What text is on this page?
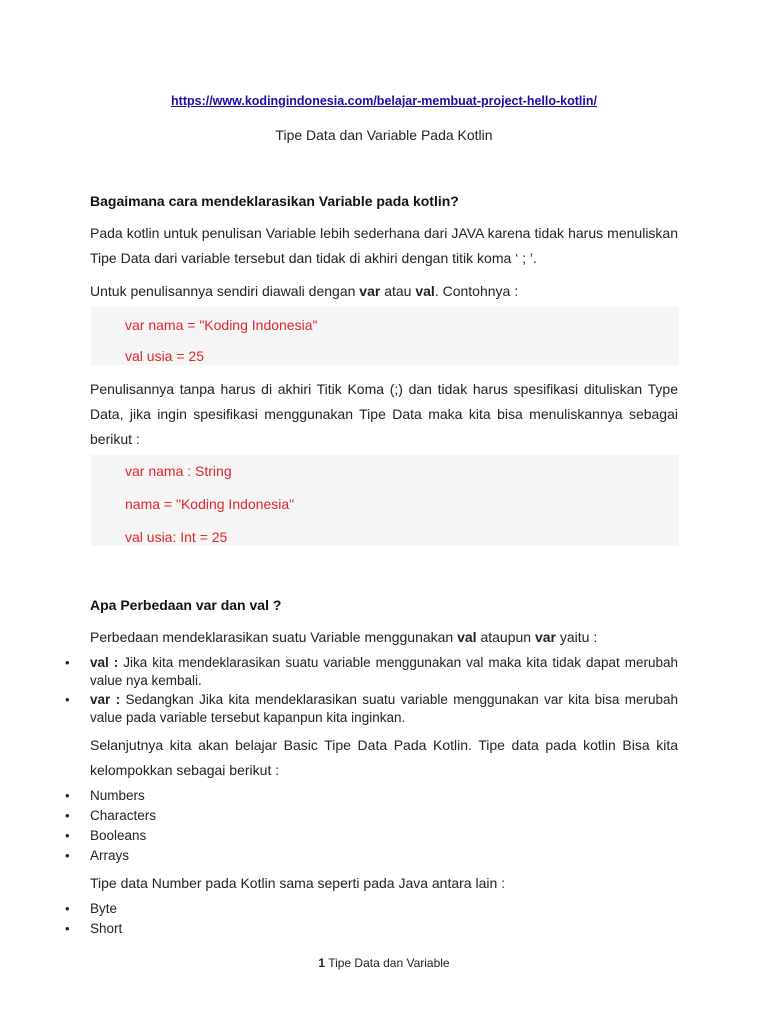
https://www.kodingindonesia.com/belajar-membuat-project-hello-kotlin/
Tipe Data dan Variable Pada Kotlin
Bagaimana cara mendeklarasikan Variable pada kotlin?
Pada kotlin untuk penulisan Variable lebih sederhana dari JAVA karena tidak harus menuliskan Tipe Data dari variable tersebut dan tidak di akhiri dengan titik koma ‘ ; ’.
Untuk penulisannya sendiri diawali dengan var atau val. Contohnya :
var nama = "Koding Indonesia"
val usia = 25
Penulisannya tanpa harus di akhiri Titik Koma (;) dan tidak harus spesifikasi dituliskan Type Data, jika ingin spesifikasi menggunakan Tipe Data maka kita bisa menuliskannya sebagai berikut :
var nama : String
nama = "Koding Indonesia"
val usia: Int = 25
Apa Perbedaan var dan val ?
Perbedaan mendeklarasikan suatu Variable menggunakan val ataupun var yaitu :
• val : Jika kita mendeklarasikan suatu variable menggunakan val maka kita tidak dapat merubah value nya kembali.
• var : Sedangkan Jika kita mendeklarasikan suatu variable menggunakan var kita bisa merubah value pada variable tersebut kapanpun kita inginkan.
Selanjutnya kita akan belajar Basic Tipe Data Pada Kotlin. Tipe data pada kotlin Bisa kita kelompokkan sebagai berikut :
• Numbers
• Characters
• Booleans
• Arrays
Tipe data Number pada Kotlin sama seperti pada Java antara lain :
• Byte
• Short
1 Tipe Data dan Variable
